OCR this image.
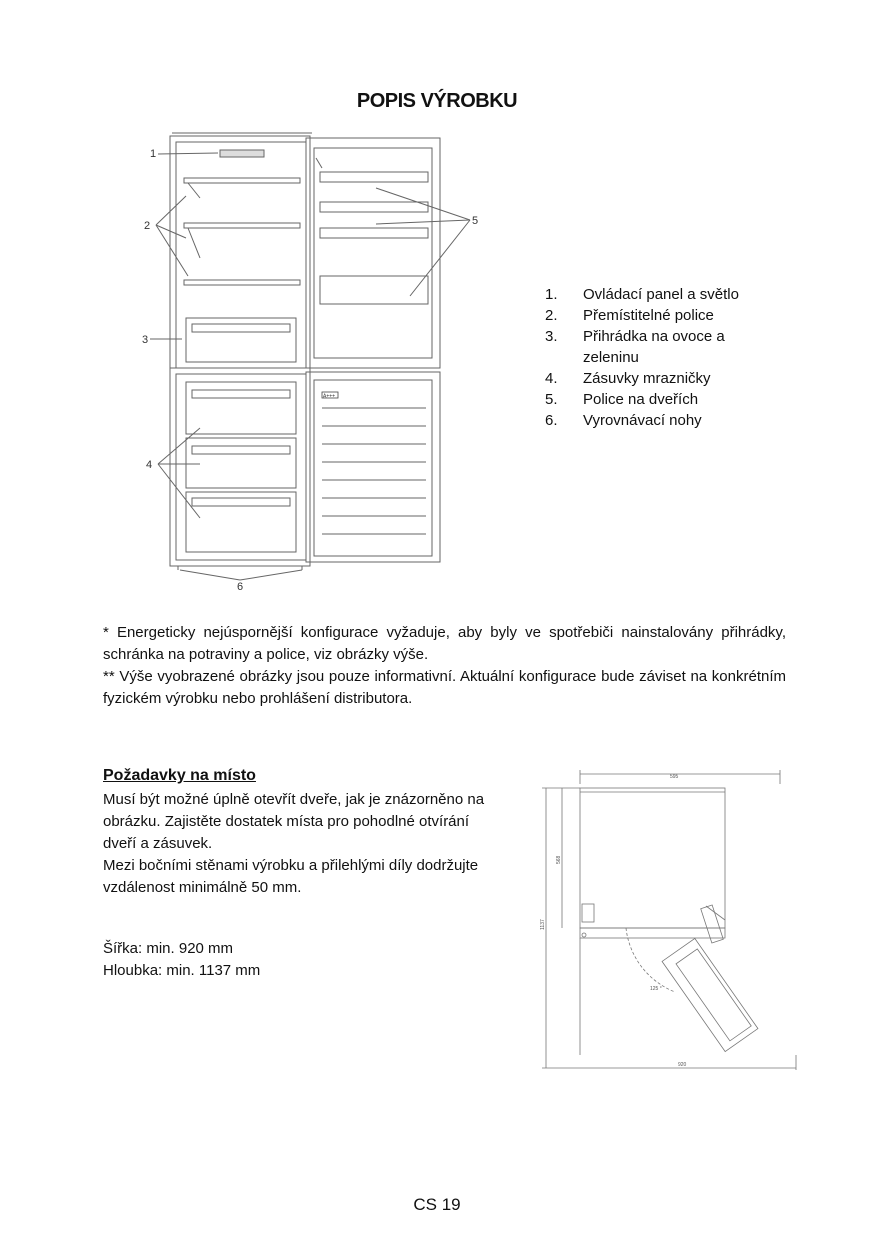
POPIS VÝROBKU
A+++
1
2
3
4
5
6
1.	Ovládací panel a světlo
2.	Přemístitelné police
3.	Přihrádka na ovoce a zeleninu
4.	Zásuvky mrazničky
5.	Police na dveřích
6.	Vyrovnávací nohy

* Energeticky nejúspornější konfigurace vyžaduje, aby byly ve spotřebiči nainstalovány přihrádky, schránka na potraviny a police, viz obrázky výše.

** Výše vyobrazené obrázky jsou pouze informativní. Aktuální konfigurace bude záviset na konkrétním fyzickém výrobku nebo prohlášení distributora.

Požadavky na místo

Musí být možné úplně otevřít dveře, jak je znázorněno na obrázku. Zajistěte dostatek místa pro pohodlné otvírání dveří a zásuvek.

Mezi bočními stěnami výrobku a přilehlými díly dodržujte vzdálenost minimálně 50 mm.

Šířka: min. 920 mm

Hloubka: min. 1137 mm

595
1137
568
920
125 °
CS 19
